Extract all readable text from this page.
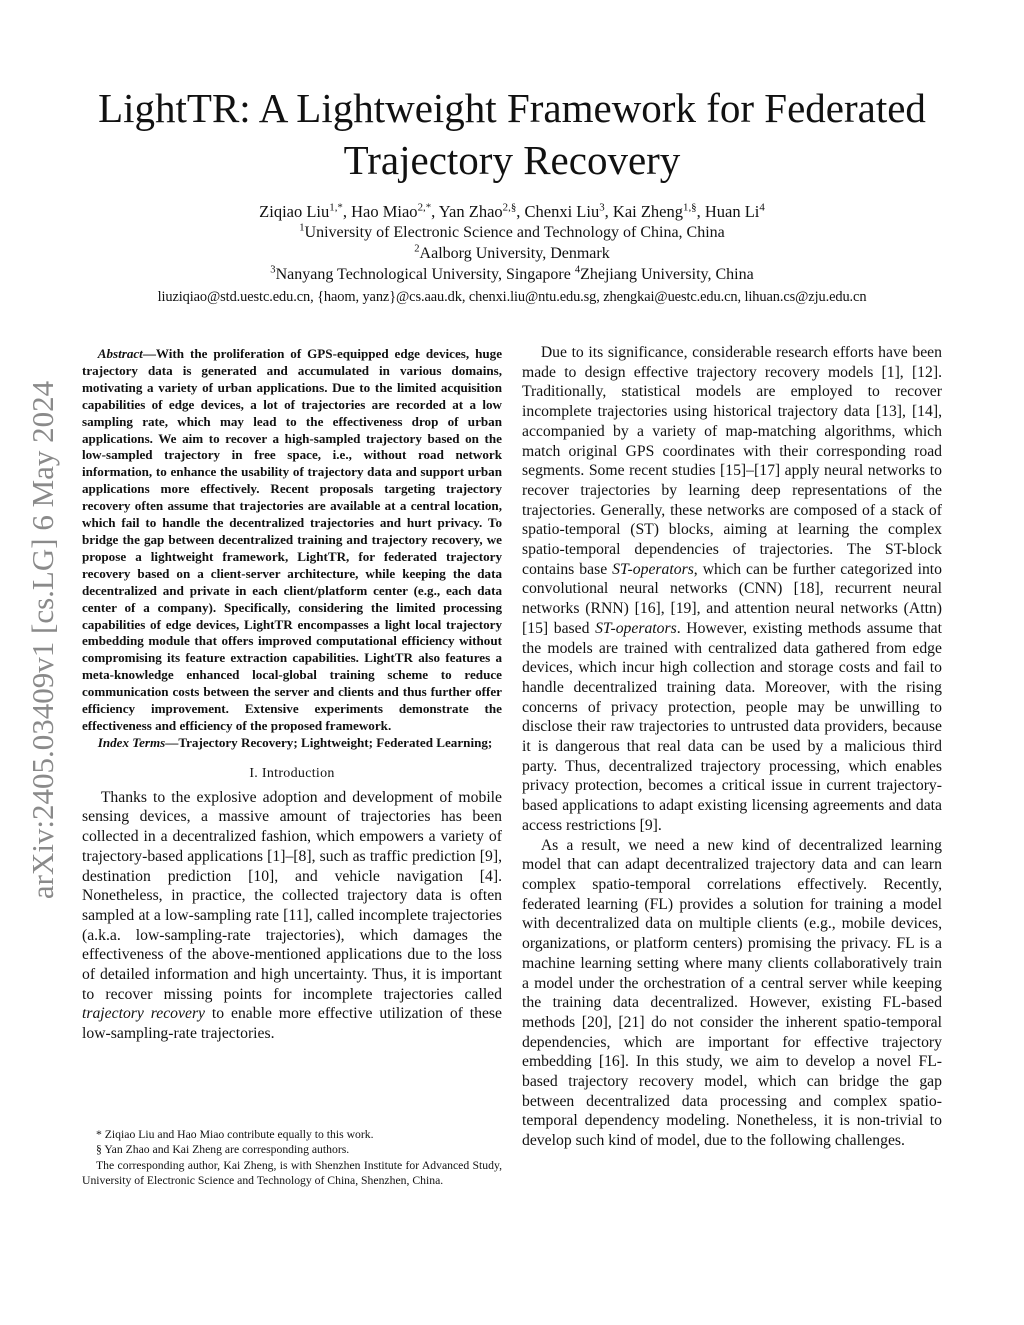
LightTR: A Lightweight Framework for Federated
Trajectory Recovery
Ziqiao Liu$^{1,*}$, Hao Miao$^{2,*}$, Yan Zhao$^{2,\S}$, Chenxi Liu$^3$, Kai Zheng$^{1,\S}$, Huan Li$^4$
$^1$University of Electronic Science and Technology of China, China
$^2$Aalborg University, Denmark
$^3$Nanyang Technological University, Singapore $^4$Zhejiang University, China
liuziqiao@std.uestc.edu.cn, {haom, yanz}@cs.aau.dk, chenxi.liu@ntu.edu.sg, zhengkai@uestc.edu.cn, lihuan.cs@zju.edu.cn
arXiv:2405.03409v1 [cs.LG] 6 May 2024

Abstract—With the proliferation of GPS-equipped edge devices, huge trajectory data is generated and accumulated in various domains, motivating a variety of urban applications. Due to the limited acquisition capabilities of edge devices, a lot of trajectories are recorded at a low sampling rate, which may lead to the effectiveness drop of urban applications. We aim to recover a high-sampled trajectory based on the low-sampled trajectory in free space, i.e., without road network information, to enhance the usability of trajectory data and support urban applications more effectively. Recent proposals targeting trajectory recovery often assume that trajectories are available at a central location, which fail to handle the decentralized trajectories and hurt privacy. To bridge the gap between decentralized training and trajectory recovery, we propose a lightweight framework, LightTR, for federated trajectory recovery based on a client-server architecture, while keeping the data decentralized and private in each client/platform center (e.g., each data center of a company). Specifically, considering the limited processing capabilities of edge devices, LightTR encompasses a light local trajectory embedding module that offers improved computational efficiency without compromising its feature extraction capabilities. LightTR also features a meta-knowledge enhanced local-global training scheme to reduce communication costs between the server and clients and thus further offer efficiency improvement. Extensive experiments demonstrate the effectiveness and efficiency of the proposed framework.

Index Terms—Trajectory Recovery; Lightweight; Federated Learning;

I. Introduction

Thanks to the explosive adoption and development of mobile sensing devices, a massive amount of trajectories has been collected in a decentralized fashion, which empowers a variety of trajectory-based applications [1]–[8], such as traffic prediction [9], destination prediction [10], and vehicle navigation [4]. Nonetheless, in practice, the collected trajectory data is often sampled at a low-sampling rate [11], called incomplete trajectories (a.k.a. low-sampling-rate trajectories), which damages the effectiveness of the above-mentioned applications due to the loss of detailed information and high uncertainty. Thus, it is important to recover missing points for incomplete trajectories called trajectory recovery to enable more effective utilization of these low-sampling-rate trajectories.

* Ziqiao Liu and Hao Miao contribute equally to this work.

§ Yan Zhao and Kai Zheng are corresponding authors.

The corresponding author, Kai Zheng, is with Shenzhen Institute for Advanced Study, University of Electronic Science and Technology of China, Shenzhen, China.

Due to its significance, considerable research efforts have been made to design effective trajectory recovery models [1], [12]. Traditionally, statistical models are employed to recover incomplete trajectories using historical trajectory data [13], [14], accompanied by a variety of map-matching algorithms, which match original GPS coordinates with their corresponding road segments. Some recent studies [15]–[17] apply neural networks to recover trajectories by learning deep representations of the trajectories. Generally, these networks are composed of a stack of spatio-temporal (ST) blocks, aiming at learning the complex spatio-temporal dependencies of trajectories. The ST-block contains base ST-operators, which can be further categorized into convolutional neural networks (CNN) [18], recurrent neural networks (RNN) [16], [19], and attention neural networks (Attn) [15] based ST-operators. However, existing methods assume that the models are trained with centralized data gathered from edge devices, which incur high collection and storage costs and fail to handle decentralized training data. Moreover, with the rising concerns of privacy protection, people may be unwilling to disclose their raw trajectories to untrusted data providers, because it is dangerous that real data can be used by a malicious third party. Thus, decentralized trajectory processing, which enables privacy protection, becomes a critical issue in current trajectory-based applications to adapt existing licensing agreements and data access restrictions [9].

As a result, we need a new kind of decentralized learning model that can adapt decentralized trajectory data and can learn complex spatio-temporal correlations effectively. Recently, federated learning (FL) provides a solution for training a model with decentralized data on multiple clients (e.g., mobile devices, organizations, or platform centers) promising the privacy. FL is a machine learning setting where many clients collaboratively train a model under the orchestration of a central server while keeping the training data decentralized. However, existing FL-based methods [20], [21] do not consider the inherent spatio-temporal dependencies, which are important for effective trajectory embedding [16]. In this study, we aim to develop a novel FL-based trajectory recovery model, which can bridge the gap between decentralized data processing and complex spatio-temporal dependency modeling. Nonetheless, it is non-trivial to develop such kind of model, due to the following challenges.
